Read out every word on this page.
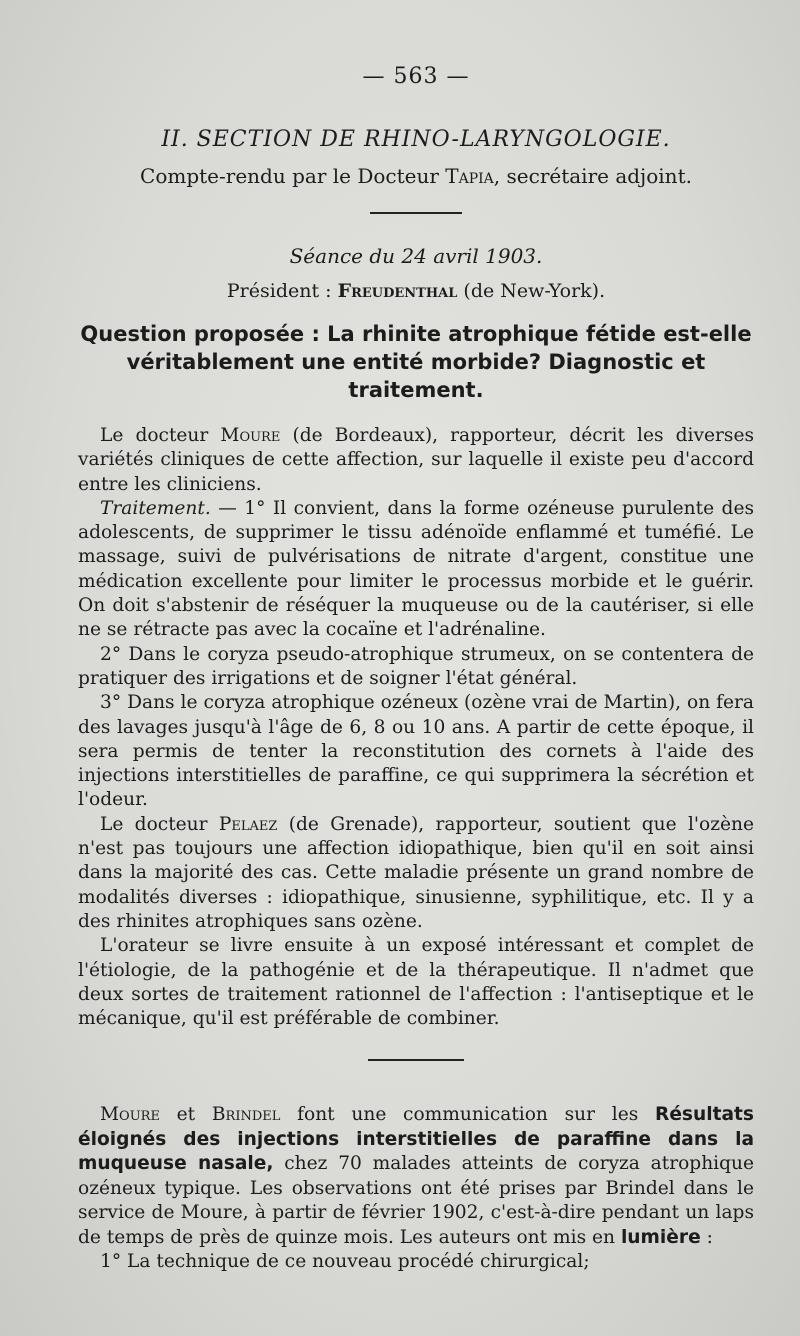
— 563 —
II. SECTION DE RHINO-LARYNGOLOGIE.
Compte-rendu par le Docteur Tapia, secrétaire adjoint.
Séance du 24 avril 1903.
Président : Freudenthal (de New-York).
Question proposée : La rhinite atrophique fétide est-elle véritablement une entité morbide? Diagnostic et traitement.

Le docteur Moure (de Bordeaux), rapporteur, décrit les diverses variétés cliniques de cette affection, sur laquelle il existe peu d'accord entre les cliniciens.

Traitement. — 1° Il convient, dans la forme ozéneuse purulente des adolescents, de supprimer le tissu adénoïde enflammé et tuméfié. Le massage, suivi de pulvérisations de nitrate d'argent, constitue une médication excellente pour limiter le processus morbide et le guérir. On doit s'abstenir de réséquer la muqueuse ou de la cautériser, si elle ne se rétracte pas avec la cocaïne et l'adrénaline.

2° Dans le coryza pseudo-atrophique strumeux, on se contentera de pratiquer des irrigations et de soigner l'état général.

3° Dans le coryza atrophique ozéneux (ozène vrai de Martin), on fera des lavages jusqu'à l'âge de 6, 8 ou 10 ans. A partir de cette époque, il sera permis de tenter la reconstitution des cornets à l'aide des injections interstitielles de paraffine, ce qui supprimera la sécrétion et l'odeur.

Le docteur Pelaez (de Grenade), rapporteur, soutient que l'ozène n'est pas toujours une affection idiopathique, bien qu'il en soit ainsi dans la majorité des cas. Cette maladie présente un grand nombre de modalités diverses : idiopathique, sinusienne, syphilitique, etc. Il y a des rhinites atrophiques sans ozène.

L'orateur se livre ensuite à un exposé intéressant et complet de l'étiologie, de la pathogénie et de la thérapeutique. Il n'admet que deux sortes de traitement rationnel de l'affection : l'antiseptique et le mécanique, qu'il est préférable de combiner.

Moure et Brindel font une communication sur les Résultats éloignés des injections interstitielles de paraffine dans la muqueuse nasale, chez 70 malades atteints de coryza atrophique ozéneux typique. Les observations ont été prises par Brindel dans le service de Moure, à partir de février 1902, c'est-à-dire pendant un laps de temps de près de quinze mois. Les auteurs ont mis en lumière :

1° La technique de ce nouveau procédé chirurgical;
